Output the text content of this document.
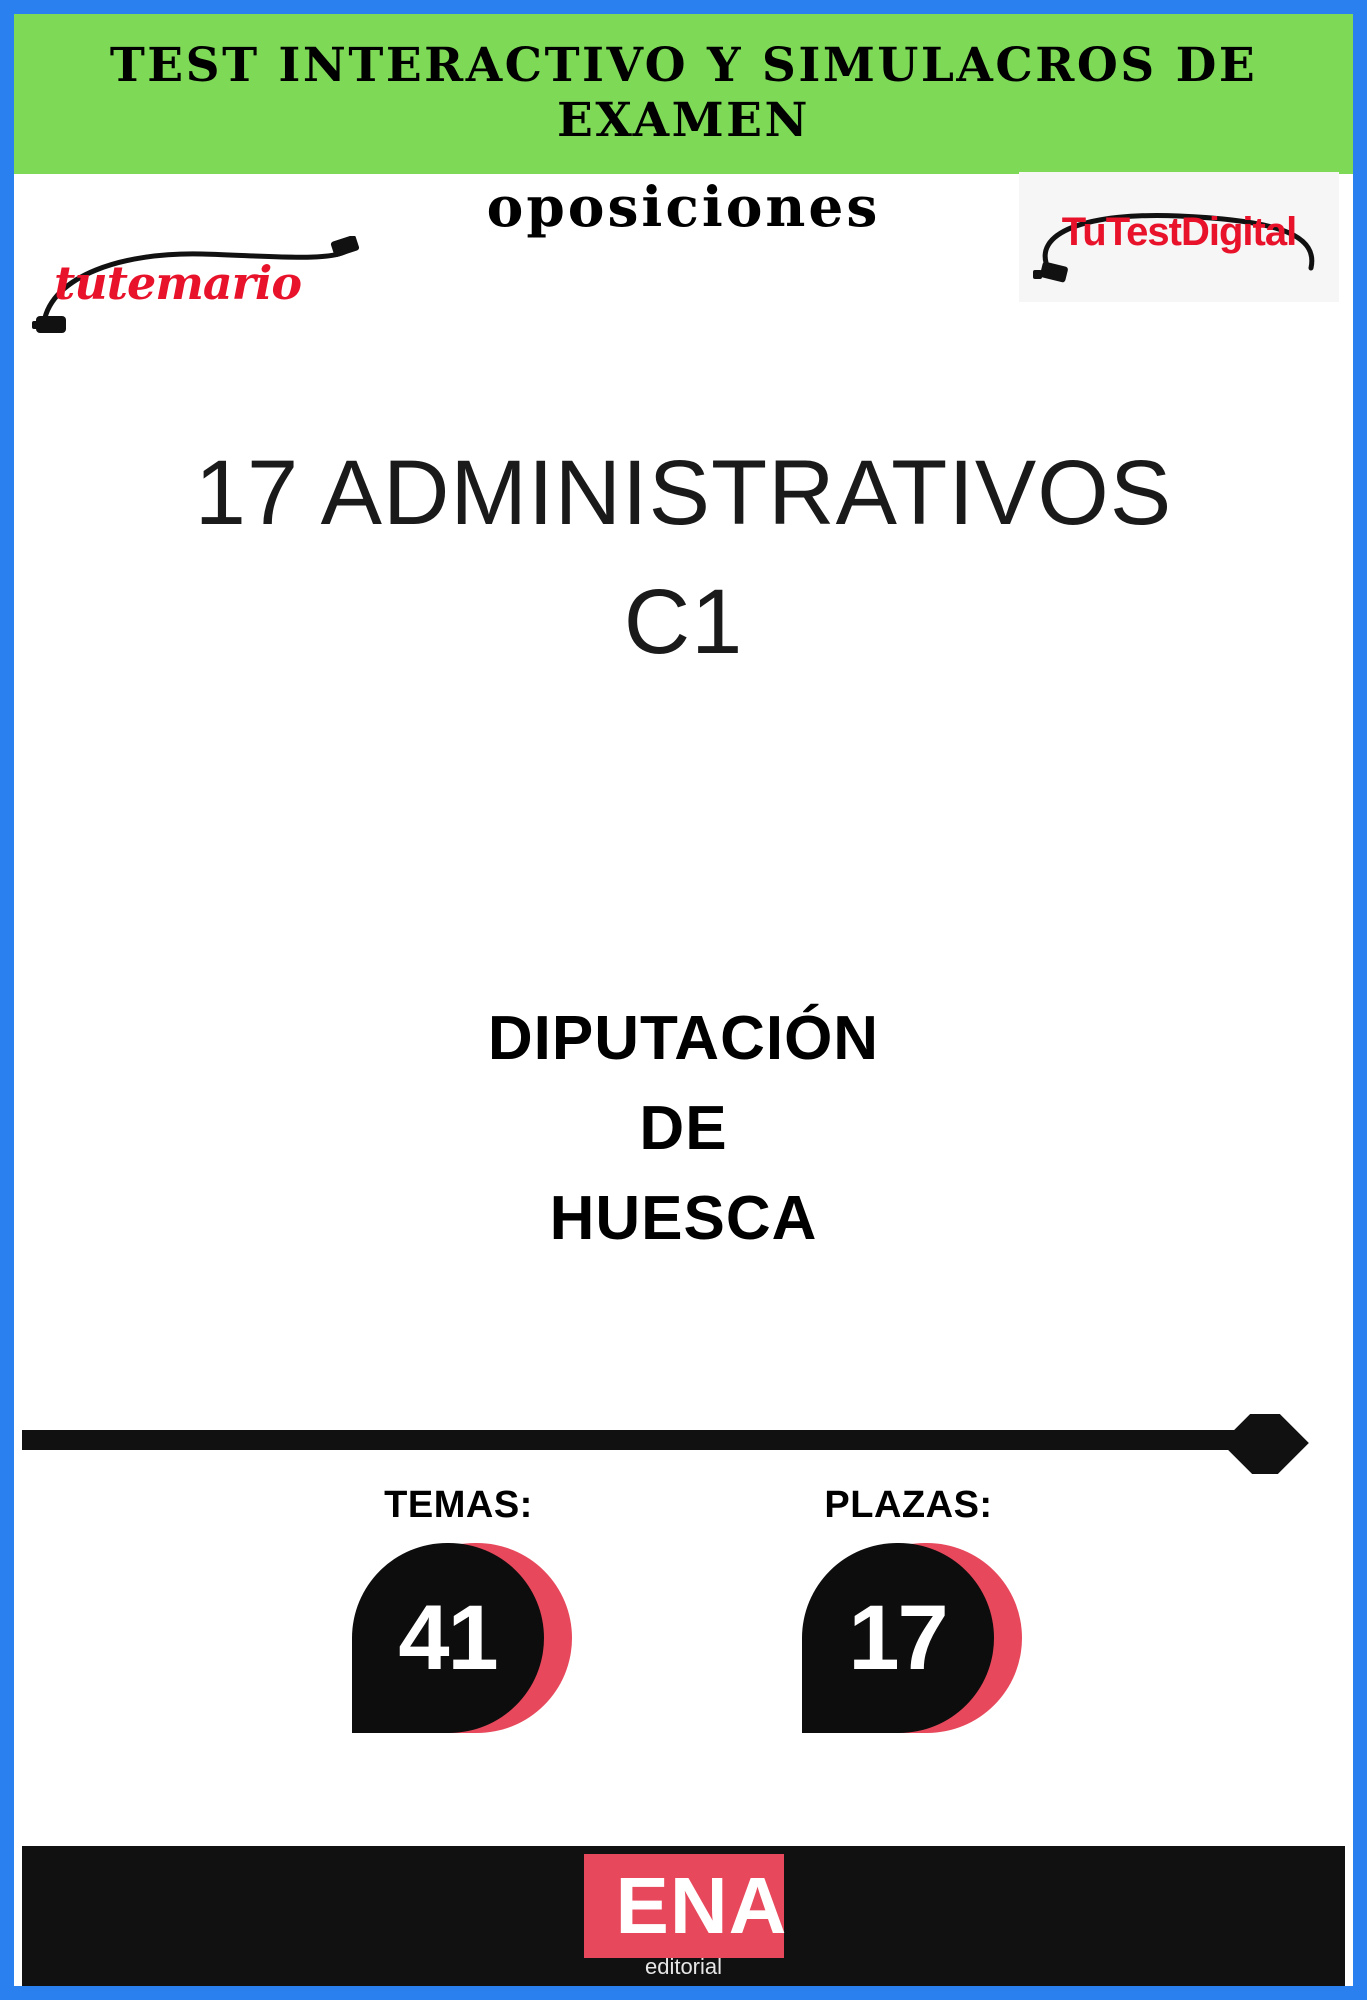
TEST INTERACTIVO Y SIMULACROS DE EXAMEN
oposiciones
tutemario
TuTestDigital
17 ADMINISTRATIVOS
C1
DIPUTACIÓN
DE
HUESCA
TEMAS:
41
PLAZAS:
17
ENA
editorial
